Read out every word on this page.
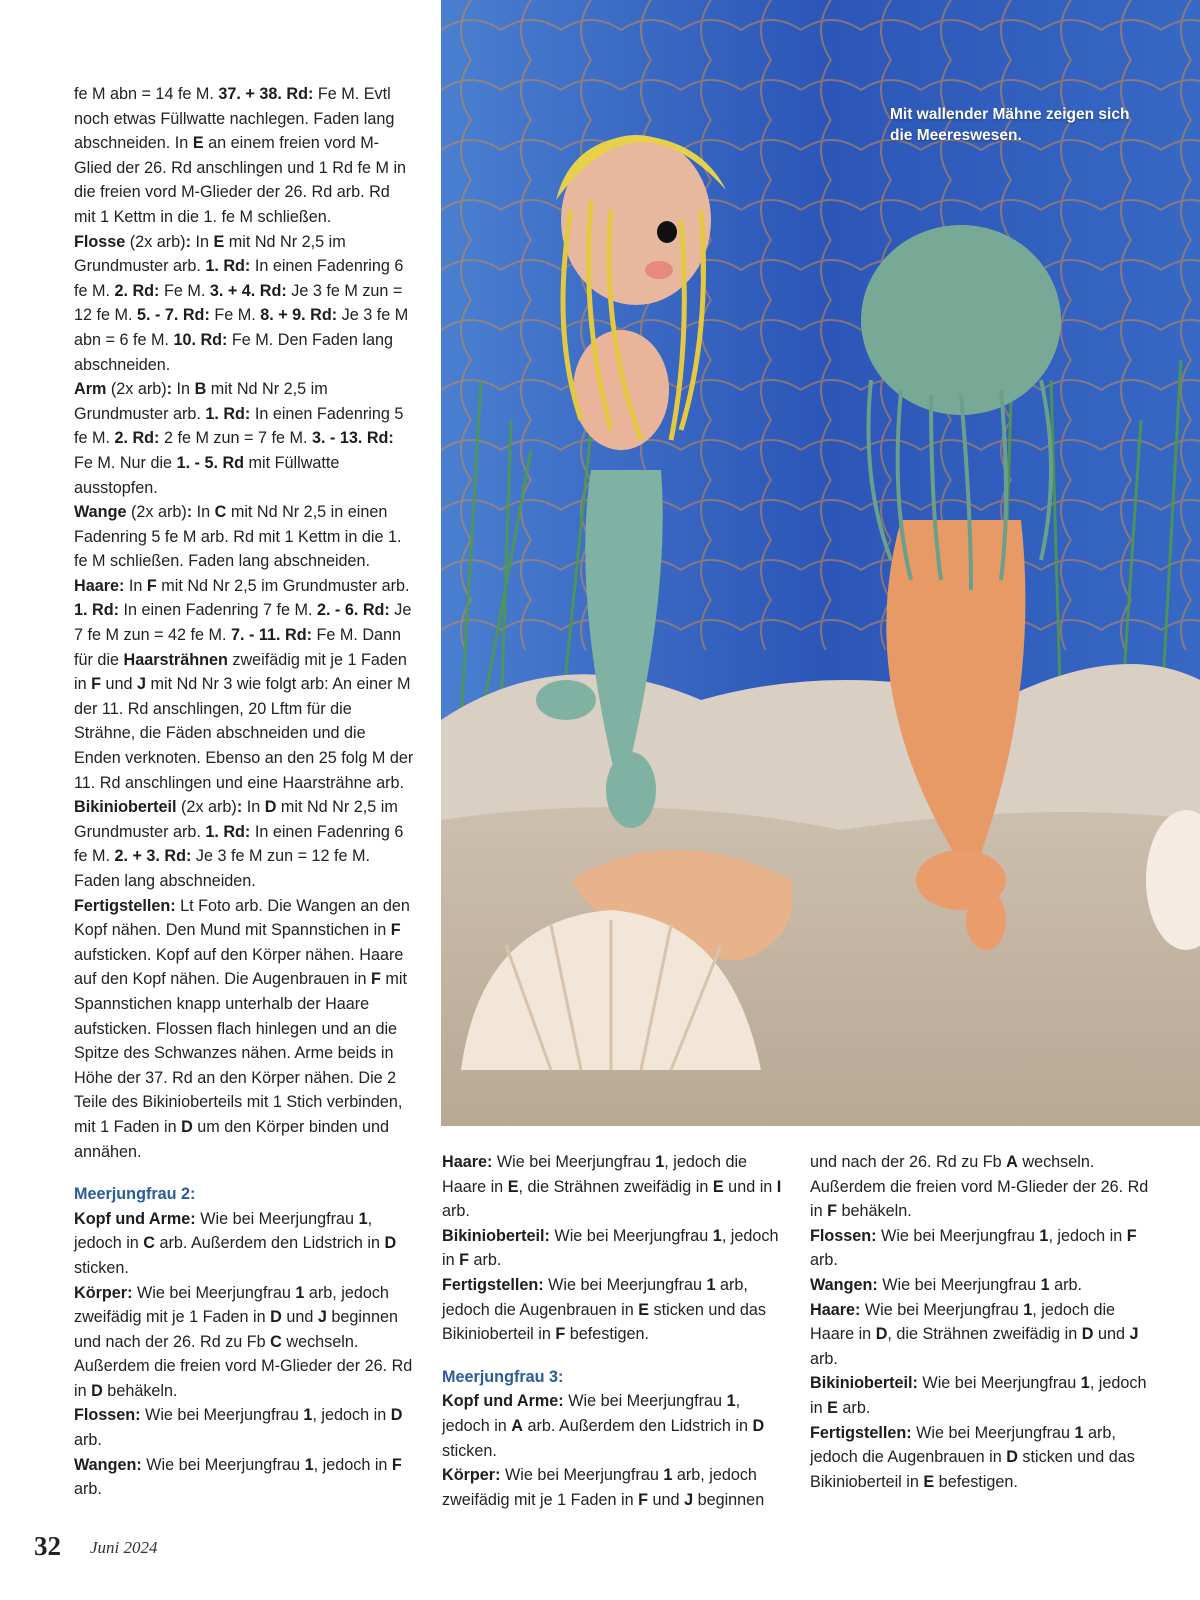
fe M abn = 14 fe M. 37. + 38. Rd: Fe M. Evtl noch etwas Füllwatte nachlegen. Faden lang abschneiden. In E an einem freien vord M-Glied der 26. Rd anschlingen und 1 Rd fe M in die freien vord M-Glieder der 26. Rd arb. Rd mit 1 Kettm in die 1. fe M schließen.

Flosse (2x arb): In E mit Nd Nr 2,5 im Grundmuster arb. 1. Rd: In einen Fadenring 6 fe M. 2. Rd: Fe M. 3. + 4. Rd: Je 3 fe M zun = 12 fe M. 5. - 7. Rd: Fe M. 8. + 9. Rd: Je 3 fe M abn = 6 fe M. 10. Rd: Fe M. Den Faden lang abschneiden.

Arm (2x arb): In B mit Nd Nr 2,5 im Grundmuster arb. 1. Rd: In einen Fadenring 5 fe M. 2. Rd: 2 fe M zun = 7 fe M. 3. - 13. Rd: Fe M. Nur die 1. - 5. Rd mit Füllwatte ausstopfen.

Wange (2x arb): In C mit Nd Nr 2,5 in einen Fadenring 5 fe M arb. Rd mit 1 Kettm in die 1. fe M schließen. Faden lang abschneiden.

Haare: In F mit Nd Nr 2,5 im Grundmuster arb. 1. Rd: In einen Fadenring 7 fe M. 2. - 6. Rd: Je 7 fe M zun = 42 fe M. 7. - 11. Rd: Fe M. Dann für die Haarsträhnen zweifädig mit je 1 Faden in F und J mit Nd Nr 3 wie folgt arb: An einer M der 11. Rd anschlingen, 20 Lftm für die Strähne, die Fäden abschneiden und die Enden verknoten. Ebenso an den 25 folg M der 11. Rd anschlingen und eine Haarsträhne arb.

Bikinioberteil (2x arb): In D mit Nd Nr 2,5 im Grundmuster arb. 1. Rd: In einen Fadenring 6 fe M. 2. + 3. Rd: Je 3 fe M zun = 12 fe M. Faden lang abschneiden.

Fertigstellen: Lt Foto arb. Die Wangen an den Kopf nähen. Den Mund mit Spannstichen in F aufsticken. Kopf auf den Körper nähen. Haare auf den Kopf nähen. Die Augenbrauen in F mit Spannstichen knapp unterhalb der Haare aufsticken. Flossen flach hinlegen und an die Spitze des Schwanzes nähen. Arme beids in Höhe der 37. Rd an den Körper nähen. Die 2 Teile des Bikinioberteils mit 1 Stich verbinden, mit 1 Faden in D um den Körper binden und annähen.

Meerjungfrau 2:

Kopf und Arme: Wie bei Meerjungfrau 1, jedoch in C arb. Außerdem den Lidstrich in D sticken.

Körper: Wie bei Meerjungfrau 1 arb, jedoch zweifädig mit je 1 Faden in D und J beginnen und nach der 26. Rd zu Fb C wechseln. Außerdem die freien vord M-Glieder der 26. Rd in D behäkeln.

Flossen: Wie bei Meerjungfrau 1, jedoch in D arb.

Wangen: Wie bei Meerjungfrau 1, jedoch in F arb.

Mit wallender Mähne zeigen sich die Meereswesen.

Haare: Wie bei Meerjungfrau 1, jedoch die Haare in E, die Strähnen zweifädig in E und in I arb.

Bikinioberteil: Wie bei Meerjungfrau 1, jedoch in F arb.

Fertigstellen: Wie bei Meerjungfrau 1 arb, jedoch die Augenbrauen in E sticken und das Bikinioberteil in F befestigen.

Meerjungfrau 3:

Kopf und Arme: Wie bei Meerjungfrau 1, jedoch in A arb. Außerdem den Lidstrich in D sticken.

Körper: Wie bei Meerjungfrau 1 arb, jedoch zweifädig mit je 1 Faden in F und J beginnen

und nach der 26. Rd zu Fb A wechseln. Außerdem die freien vord M-Glieder der 26. Rd in F behäkeln.

Flossen: Wie bei Meerjungfrau 1, jedoch in F arb.

Wangen: Wie bei Meerjungfrau 1 arb.

Haare: Wie bei Meerjungfrau 1, jedoch die Haare in D, die Strähnen zweifädig in D und J arb.

Bikinioberteil: Wie bei Meerjungfrau 1, jedoch in E arb.

Fertigstellen: Wie bei Meerjungfrau 1 arb, jedoch die Augenbrauen in D sticken und das Bikinioberteil in E befestigen.

32 Juni 2024
